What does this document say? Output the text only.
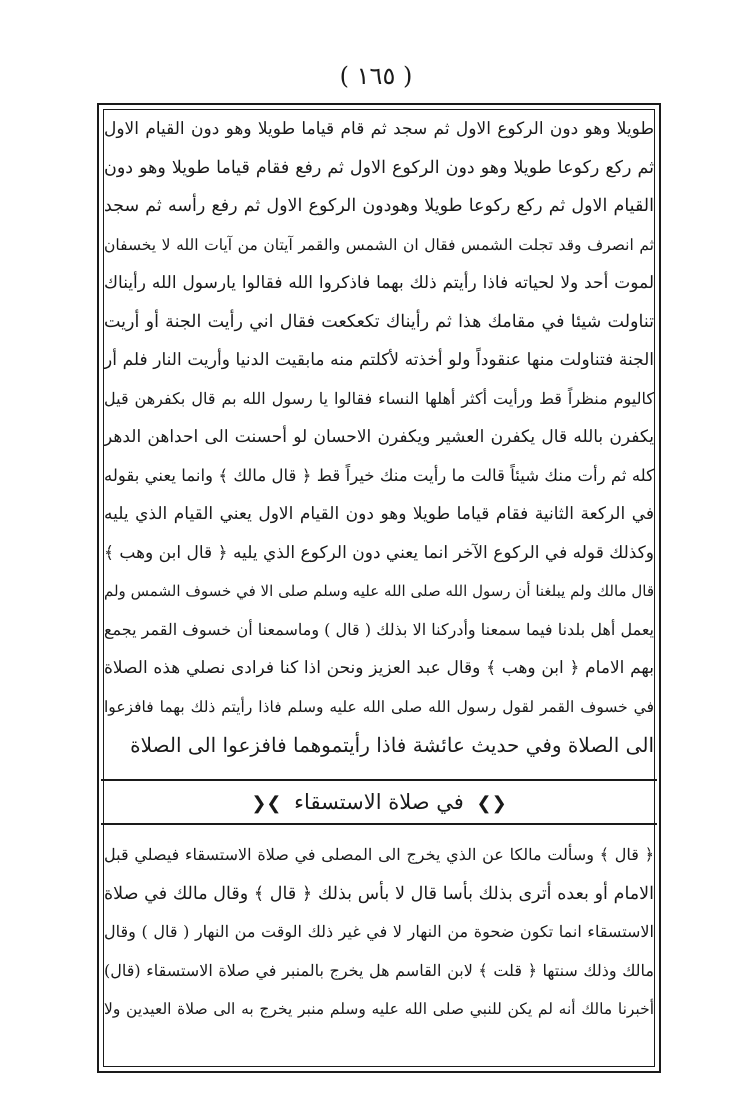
( ١٦٥ )

طويلا وهو دون الركوع الاول ثم سجد ثم قام قياما طويلا وهو دون القيام الاول

ثم ركع ركوعا طويلا وهو دون الركوع الاول ثم رفع فقام قياما طويلا وهو دون

القيام الاول ثم ركع ركوعا طويلا وهودون الركوع الاول ثم رفع رأسه ثم سجد

ثم انصرف وقد تجلت الشمس فقال ان الشمس والقمر آيتان من آيات الله لا يخسفان

لموت أحد ولا لحياته فاذا رأيتم ذلك بهما فاذكروا الله فقالوا يارسول الله رأيناك

تناولت شيئا في مقامك هذا ثم رأيناك تكعكعت فقال اني رأيت الجنة أو أريت

الجنة فتناولت منها عنقوداً ولو أخذته لأكلتم منه مابقيت الدنيا وأريت النار فلم أر

كاليوم منظراً قط ورأيت أكثر أهلها النساء فقالوا يا رسول الله بم قال بكفرهن قيل

يكفرن بالله قال يكفرن العشير ويكفرن الاحسان لو أحسنت الى احداهن الدهر

كله ثم رأت منك شيئاً قالت ما رأيت منك خيراً قط ﴿ قال مالك ﴾ وانما يعني بقوله

في الركعة الثانية فقام قياما طويلا وهو دون القيام الاول يعني القيام الذي يليه

وكذلك قوله في الركوع الآخر انما يعني دون الركوع الذي يليه ﴿ قال ابن وهب ﴾

قال مالك ولم يبلغنا أن رسول الله صلى الله عليه وسلم صلى الا في خسوف الشمس ولم

يعمل أهل بلدنا فيما سمعنا وأدركنا الا بذلك ( قال ) وماسمعنا أن خسوف القمر يجمع

بهم الامام ﴿ ابن وهب ﴾ وقال عبد العزيز ونحن اذا كنا فرادى نصلي هذه الصلاة

في خسوف القمر لقول رسول الله صلى الله عليه وسلم فاذا رأيتم ذلك بهما فافزعوا

الى الصلاة وفي حديث عائشة فاذا رأيتموهما فافزعوا الى الصلاة

❮❯ في صلاة الاستسقاء ❯❮

﴿ قال ﴾ وسألت مالكا عن الذي يخرج الى المصلى في صلاة الاستسقاء فيصلي قبل

الامام أو بعده أترى بذلك بأسا قال لا بأس بذلك ﴿ قال ﴾ وقال مالك في صلاة

الاستسقاء انما تكون ضحوة من النهار لا في غير ذلك الوقت من النهار ( قال ) وقال

مالك وذلك سنتها ﴿ قلت ﴾ لابن القاسم هل يخرج بالمنبر في صلاة الاستسقاء (قال)

أخبرنا مالك أنه لم يكن للنبي صلى الله عليه وسلم منبر يخرج به الى صلاة العيدين ولا
